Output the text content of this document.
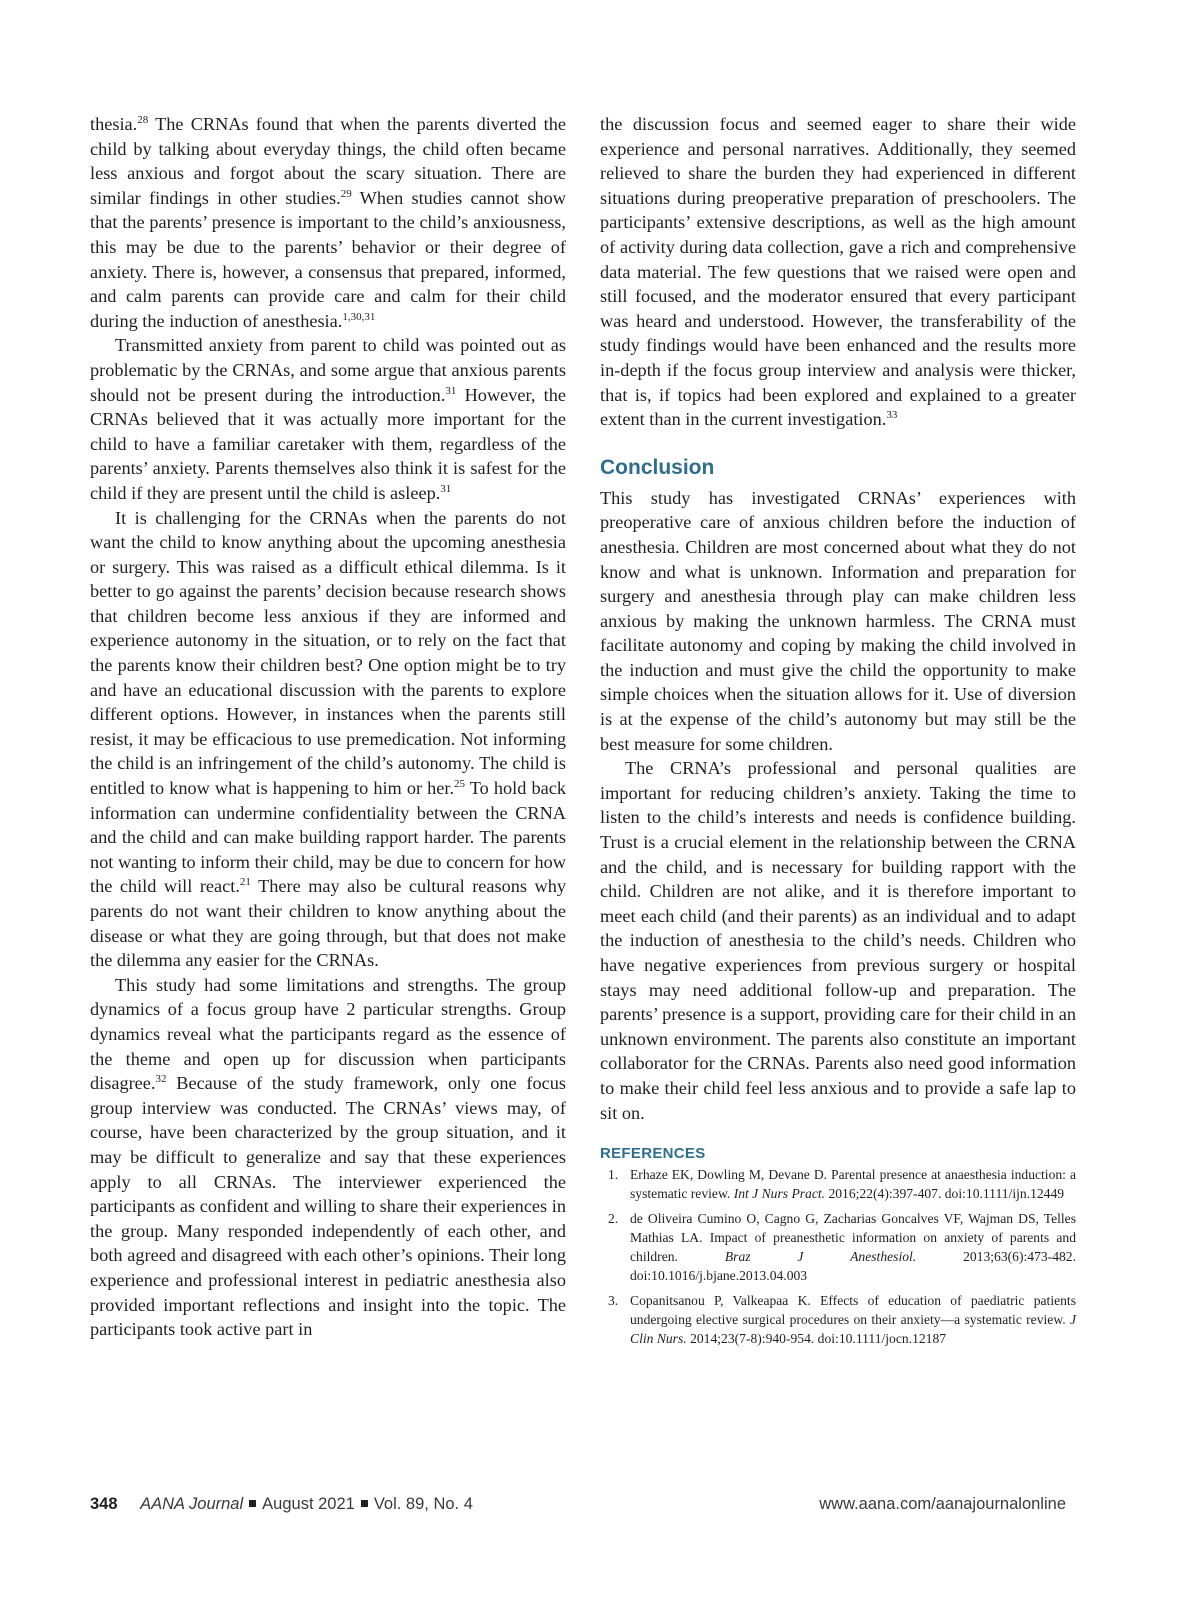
thesia.$^{28}$ The CRNAs found that when the parents diverted the child by talking about everyday things, the child often became less anxious and forgot about the scary situation. There are similar findings in other studies.$^{29}$ When studies cannot show that the parents’ presence is important to the child’s anxiousness, this may be due to the parents’ behavior or their degree of anxiety. There is, however, a consensus that prepared, informed, and calm parents can provide care and calm for their child during the induction of anesthesia.$^{1,30,31}$

Transmitted anxiety from parent to child was pointed out as problematic by the CRNAs, and some argue that anxious parents should not be present during the introduction.$^{31}$ However, the CRNAs believed that it was actually more important for the child to have a familiar caretaker with them, regardless of the parents’ anxiety. Parents themselves also think it is safest for the child if they are present until the child is asleep.$^{31}$

It is challenging for the CRNAs when the parents do not want the child to know anything about the upcoming anesthesia or surgery. This was raised as a difficult ethical dilemma. Is it better to go against the parents’ decision because research shows that children become less anxious if they are informed and experience autonomy in the situation, or to rely on the fact that the parents know their children best? One option might be to try and have an educational discussion with the parents to explore different options. However, in instances when the parents still resist, it may be efficacious to use premedication. Not informing the child is an infringement of the child’s autonomy. The child is entitled to know what is happening to him or her.$^{25}$ To hold back information can undermine confidentiality between the CRNA and the child and can make building rapport harder. The parents not wanting to inform their child, may be due to concern for how the child will react.$^{21}$ There may also be cultural reasons why parents do not want their children to know anything about the disease or what they are going through, but that does not make the dilemma any easier for the CRNAs.

This study had some limitations and strengths. The group dynamics of a focus group have 2 particular strengths. Group dynamics reveal what the participants regard as the essence of the theme and open up for discussion when participants disagree.$^{32}$ Because of the study framework, only one focus group interview was conducted. The CRNAs’ views may, of course, have been characterized by the group situation, and it may be difficult to generalize and say that these experiences apply to all CRNAs. The interviewer experienced the participants as confident and willing to share their experiences in the group. Many responded independently of each other, and both agreed and disagreed with each other’s opinions. Their long experience and professional interest in pediatric anesthesia also provided important reflections and insight into the topic. The participants took active part in

the discussion focus and seemed eager to share their wide experience and personal narratives. Additionally, they seemed relieved to share the burden they had experienced in different situations during preoperative preparation of preschoolers. The participants’ extensive descriptions, as well as the high amount of activity during data collection, gave a rich and comprehensive data material. The few questions that we raised were open and still focused, and the moderator ensured that every participant was heard and understood. However, the transferability of the study findings would have been enhanced and the results more in-depth if the focus group interview and analysis were thicker, that is, if topics had been explored and explained to a greater extent than in the current investigation.$^{33}$

Conclusion

This study has investigated CRNAs’ experiences with preoperative care of anxious children before the induction of anesthesia. Children are most concerned about what they do not know and what is unknown. Information and preparation for surgery and anesthesia through play can make children less anxious by making the unknown harmless. The CRNA must facilitate autonomy and coping by making the child involved in the induction and must give the child the opportunity to make simple choices when the situation allows for it. Use of diversion is at the expense of the child’s autonomy but may still be the best measure for some children.

The CRNA’s professional and personal qualities are important for reducing children’s anxiety. Taking the time to listen to the child’s interests and needs is confidence building. Trust is a crucial element in the relationship between the CRNA and the child, and is necessary for building rapport with the child. Children are not alike, and it is therefore important to meet each child (and their parents) as an individual and to adapt the induction of anesthesia to the child’s needs. Children who have negative experiences from previous surgery or hospital stays may need additional follow-up and preparation. The parents’ presence is a support, providing care for their child in an unknown environment. The parents also constitute an important collaborator for the CRNAs. Parents also need good information to make their child feel less anxious and to provide a safe lap to sit on.

REFERENCES
1. Erhaze EK, Dowling M, Devane D. Parental presence at anaesthesia induction: a systematic review. Int J Nurs Pract. 2016;22(4):397-407. doi:10.1111/ijn.12449
2. de Oliveira Cumino O, Cagno G, Zacharias Goncalves VF, Wajman DS, Telles Mathias LA. Impact of preanesthetic information on anxiety of parents and children. Braz J Anesthesiol. 2013;63(6):473-482. doi:10.1016/j.bjane.2013.04.003
3. Copanitsanou P, Valkeapaa K. Effects of education of paediatric patients undergoing elective surgical procedures on their anxiety—a systematic review. J Clin Nurs. 2014;23(7-8):940-954. doi:10.1111/jocn.12187
348 AANA Journal August 2021 Vol. 89, No. 4	www.aana.com/aanajournalonline
